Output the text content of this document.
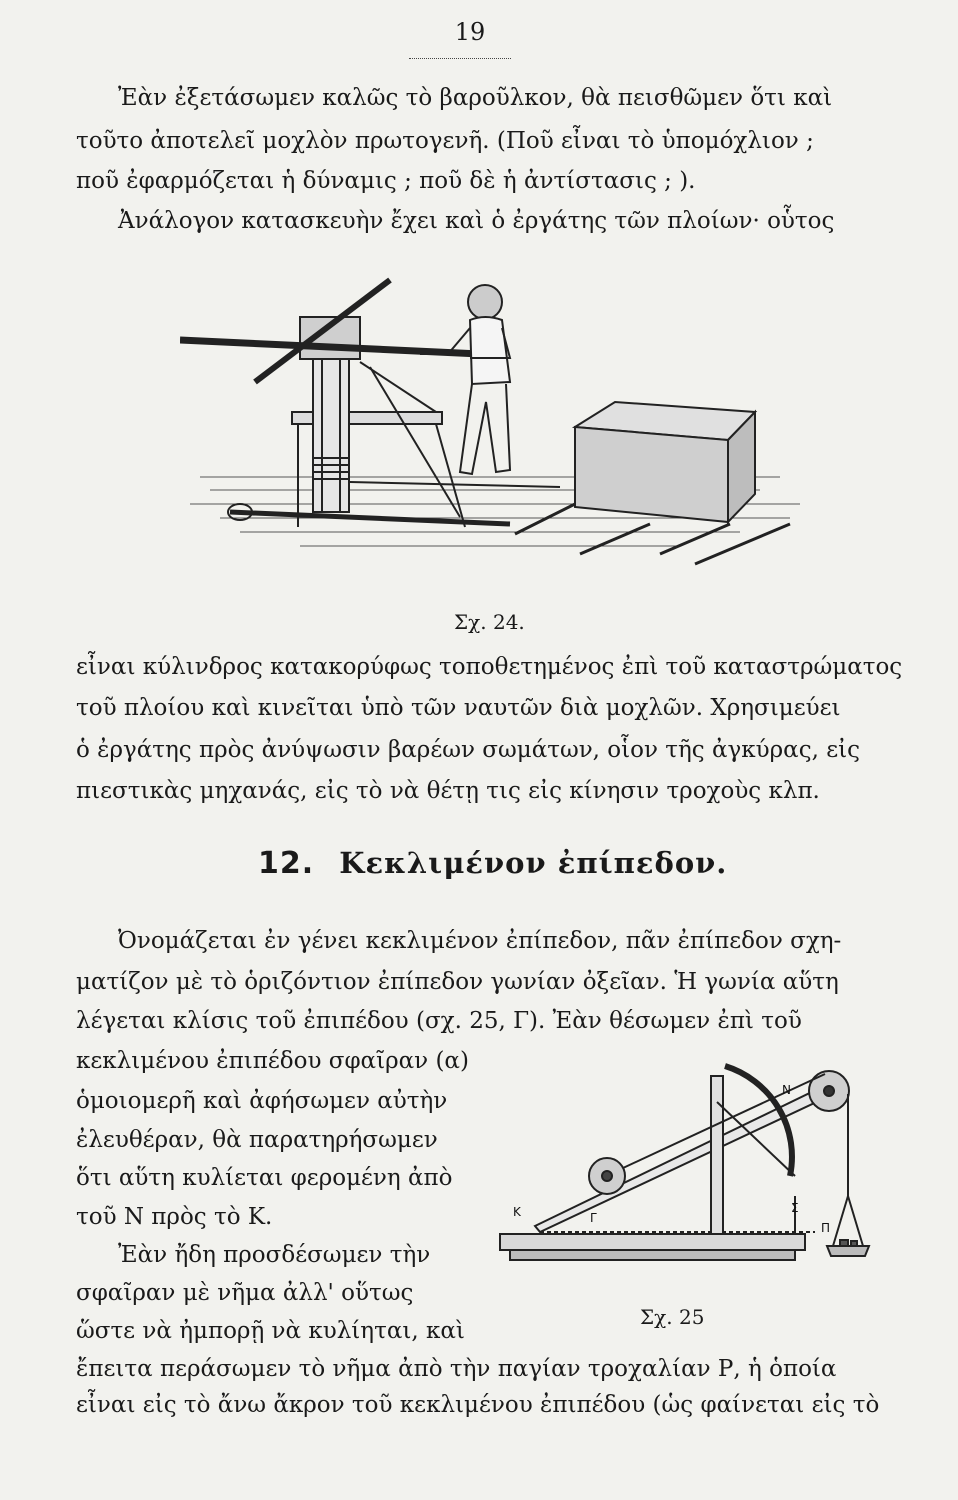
19
Ἐὰν ἐξετάσωμεν καλῶς τὸ βαροῦλκον, θὰ πεισθῶμεν ὅτι καὶ
τοῦτο ἀποτελεῖ μοχλὸν πρωτογενῆ. (Ποῦ εἶναι τὸ ὑπομόχλιον ;
ποῦ ἐφαρμόζεται ἡ δύναμις ; ποῦ δὲ ἡ ἀντίστασις ; ).
Ἀνάλογον κατασκευὴν ἔχει καὶ ὁ ἐργάτης τῶν πλοίων· οὗτος
Σχ. 24.
εἶναι κύλινδρος κατακορύφως τοποθετημένος ἐπὶ τοῦ καταστρώματος
τοῦ πλοίου καὶ κινεῖται ὑπὸ τῶν ναυτῶν διὰ μοχλῶν. Χρησιμεύει
ὁ ἐργάτης πρὸς ἀνύψωσιν βαρέων σωμάτων, οἷον τῆς ἀγκύρας, εἰς
πιεστικὰς μηχανάς, εἰς τὸ νὰ θέτῃ τις εἰς κίνησιν τροχοὺς κλπ.
12. Κεκλιμένον ἐπίπεδον.
Ὀνομάζεται ἐν γένει κεκλιμένον ἐπίπεδον, πᾶν ἐπίπεδον σχη-
ματίζον μὲ τὸ ὁριζόντιον ἐπίπεδον γωνίαν ὀξεῖαν. Ἡ γωνία αὕτη
λέγεται κλίσις τοῦ ἐπιπέδου (σχ. 25, Γ). Ἐὰν θέσωμεν ἐπὶ τοῦ
κεκλιμένου ἐπιπέδου σφαῖραν (α)
ὁμοιομερῆ καὶ ἀφήσωμεν αὐτὴν
ἐλευθέραν, θὰ παρατηρήσωμεν
ὅτι αὕτη κυλίεται φερομένη ἀπὸ
τοῦ Ν πρὸς τὸ Κ.
Ἐὰν ἤδη προσδέσωμεν τὴν
σφαῖραν μὲ νῆμα ἀλλ' οὕτως
ὥστε νὰ ἠμπορῇ νὰ κυλίηται, καὶ
Κ	Γ
Ν
Σ
Π
Σχ. 25
ἔπειτα περάσωμεν τὸ νῆμα ἀπὸ τὴν παγίαν τροχαλίαν Ρ, ἡ ὁποία
εἶναι εἰς τὸ ἄνω ἄκρον τοῦ κεκλιμένου ἐπιπέδου (ὡς φαίνεται εἰς τὸ
